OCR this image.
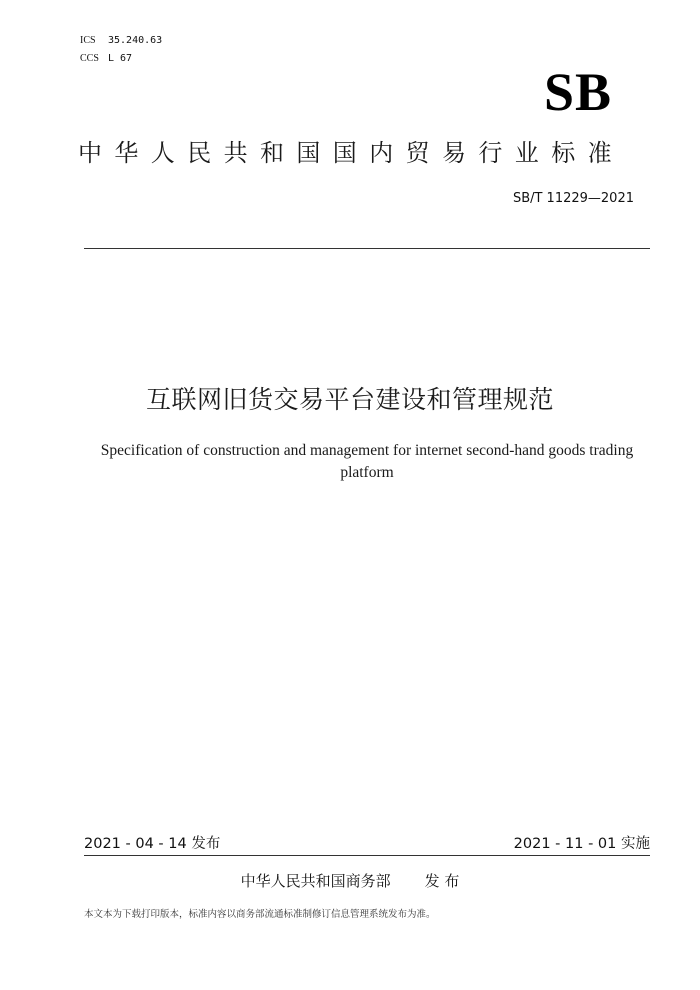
ICS 35.240.63
CCS L 67
SB
中华人民共和国国内贸易行业标准
SB/T 11229—2021
互联网旧货交易平台建设和管理规范
Specification of construction and management for internet second-hand goods trading platform
2021 - 04 - 14 发布	2021 - 11 - 01 实施
中华人民共和国商务部 发 布
本文本为下载打印版本，标准内容以商务部流通标准制修订信息管理系统发布为准。
